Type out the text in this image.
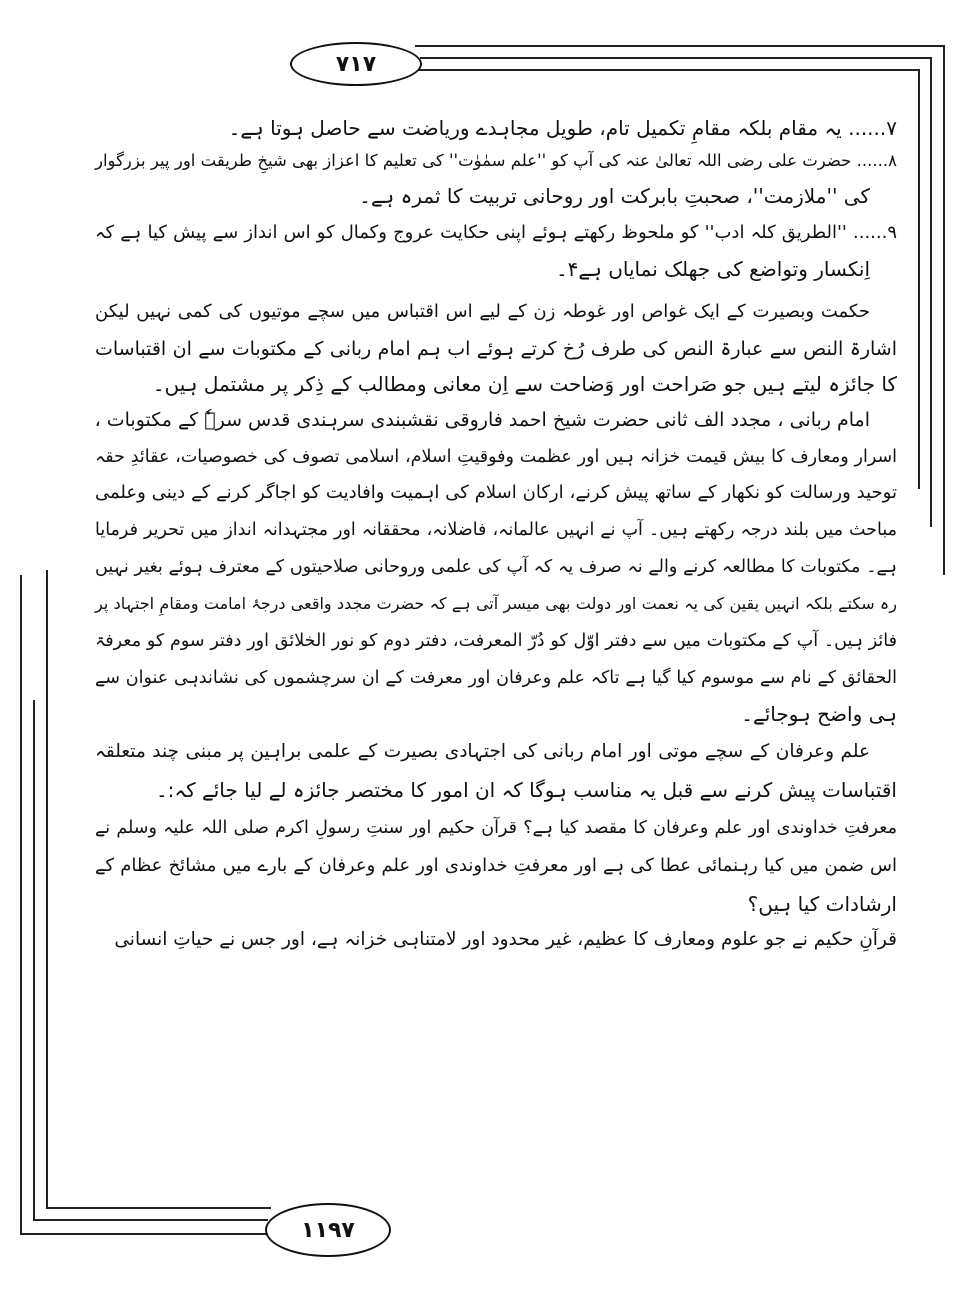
۷۱۷
۱۱۹۷
۷...... یہ مقام بلکہ مقامِ تکمیل تام، طویل مجاہدے وریاضت سے حاصل ہوتا ہے۔
۸...... حضرت علی رضی اللہ تعالیٰ عنہ کی آپ کو ''علم سمٰوٰت'' کی تعلیم کا اعزاز بھی شیخِ طریقت اور پیر بزرگوار
کی ''ملازمت''، صحبتِ بابرکت اور روحانی تربیت کا ثمرہ ہے۔
۹...... ''الطریق کلہ ادب'' کو ملحوظ رکھتے ہوئے اپنی حکایت عروج وکمال کو اس انداز سے پیش کیا ہے کہ
اِنکسار وتواضع کی جھلک نمایاں ہے۴۔
حکمت وبصیرت کے ایک غواص اور غوطہ زن کے لیے اس اقتباس میں سچے موتیوں کی کمی نہیں لیکن
اشارۃ النص سے عبارۃ النص کی طرف رُخ کرتے ہوئے اب ہم امام ربانی کے مکتوبات سے ان اقتباسات
کا جائزہ لیتے ہیں جو صَراحت اور وَضاحت سے اِن معانی ومطالب کے ذِکر پر مشتمل ہیں۔
امام ربانی ، مجدد الف ثانی حضرت شیخ احمد فاروقی نقشبندی سرہندی قدس سرہٗ کے مکتوبات ،
اسرار ومعارف کا بیش قیمت خزانہ ہیں اور عظمت وفوقیتِ اسلام، اسلامی تصوف کی خصوصیات، عقائدِ حقہ
توحید ورسالت کو نکھار کے ساتھ پیش کرنے، ارکان اسلام کی اہمیت وافادیت کو اجاگر کرنے کے دینی وعلمی
مباحث میں بلند درجہ رکھتے ہیں۔ آپ نے انہیں عالمانہ، فاضلانہ، محققانہ اور مجتہدانہ انداز میں تحریر فرمایا
ہے۔ مکتوبات کا مطالعہ کرنے والے نہ صرف یہ کہ آپ کی علمی وروحانی صلاحیتوں کے معترف ہوئے بغیر نہیں
رہ سکتے بلکہ انہیں یقین کی یہ نعمت اور دولت بھی میسر آتی ہے کہ حضرت مجدد واقعی درجۂ امامت ومقامِ اجتہاد پر
فائز ہیں۔ آپ کے مکتوبات میں سے دفتر اوّل کو دُرّ المعرفت، دفتر دوم کو نور الخلائق اور دفتر سوم کو معرفۃ
الحقائق کے نام سے موسوم کیا گیا ہے تاکہ علم وعرفان اور معرفت کے ان سرچشموں کی نشاندہی عنوان سے
ہی واضح ہوجائے۔
علم وعرفان کے سچے موتی اور امام ربانی کی اجتہادی بصیرت کے علمی براہین پر مبنی چند متعلقہ
اقتباسات پیش کرنے سے قبل یہ مناسب ہوگا کہ ان امور کا مختصر جائزہ لے لیا جائے کہ:۔
معرفتِ خداوندی اور علم وعرفان کا مقصد کیا ہے؟ قرآن حکیم اور سنتِ رسولِ اکرم صلی اللہ علیہ وسلم نے
اس ضمن میں کیا رہنمائی عطا کی ہے اور معرفتِ خداوندی اور علم وعرفان کے بارے میں مشائخ عظام کے
ارشادات کیا ہیں؟
قرآنِ حکیم نے جو علوم ومعارف کا عظیم، غیر محدود اور لامتناہی خزانہ ہے، اور جس نے حیاتِ انسانی
